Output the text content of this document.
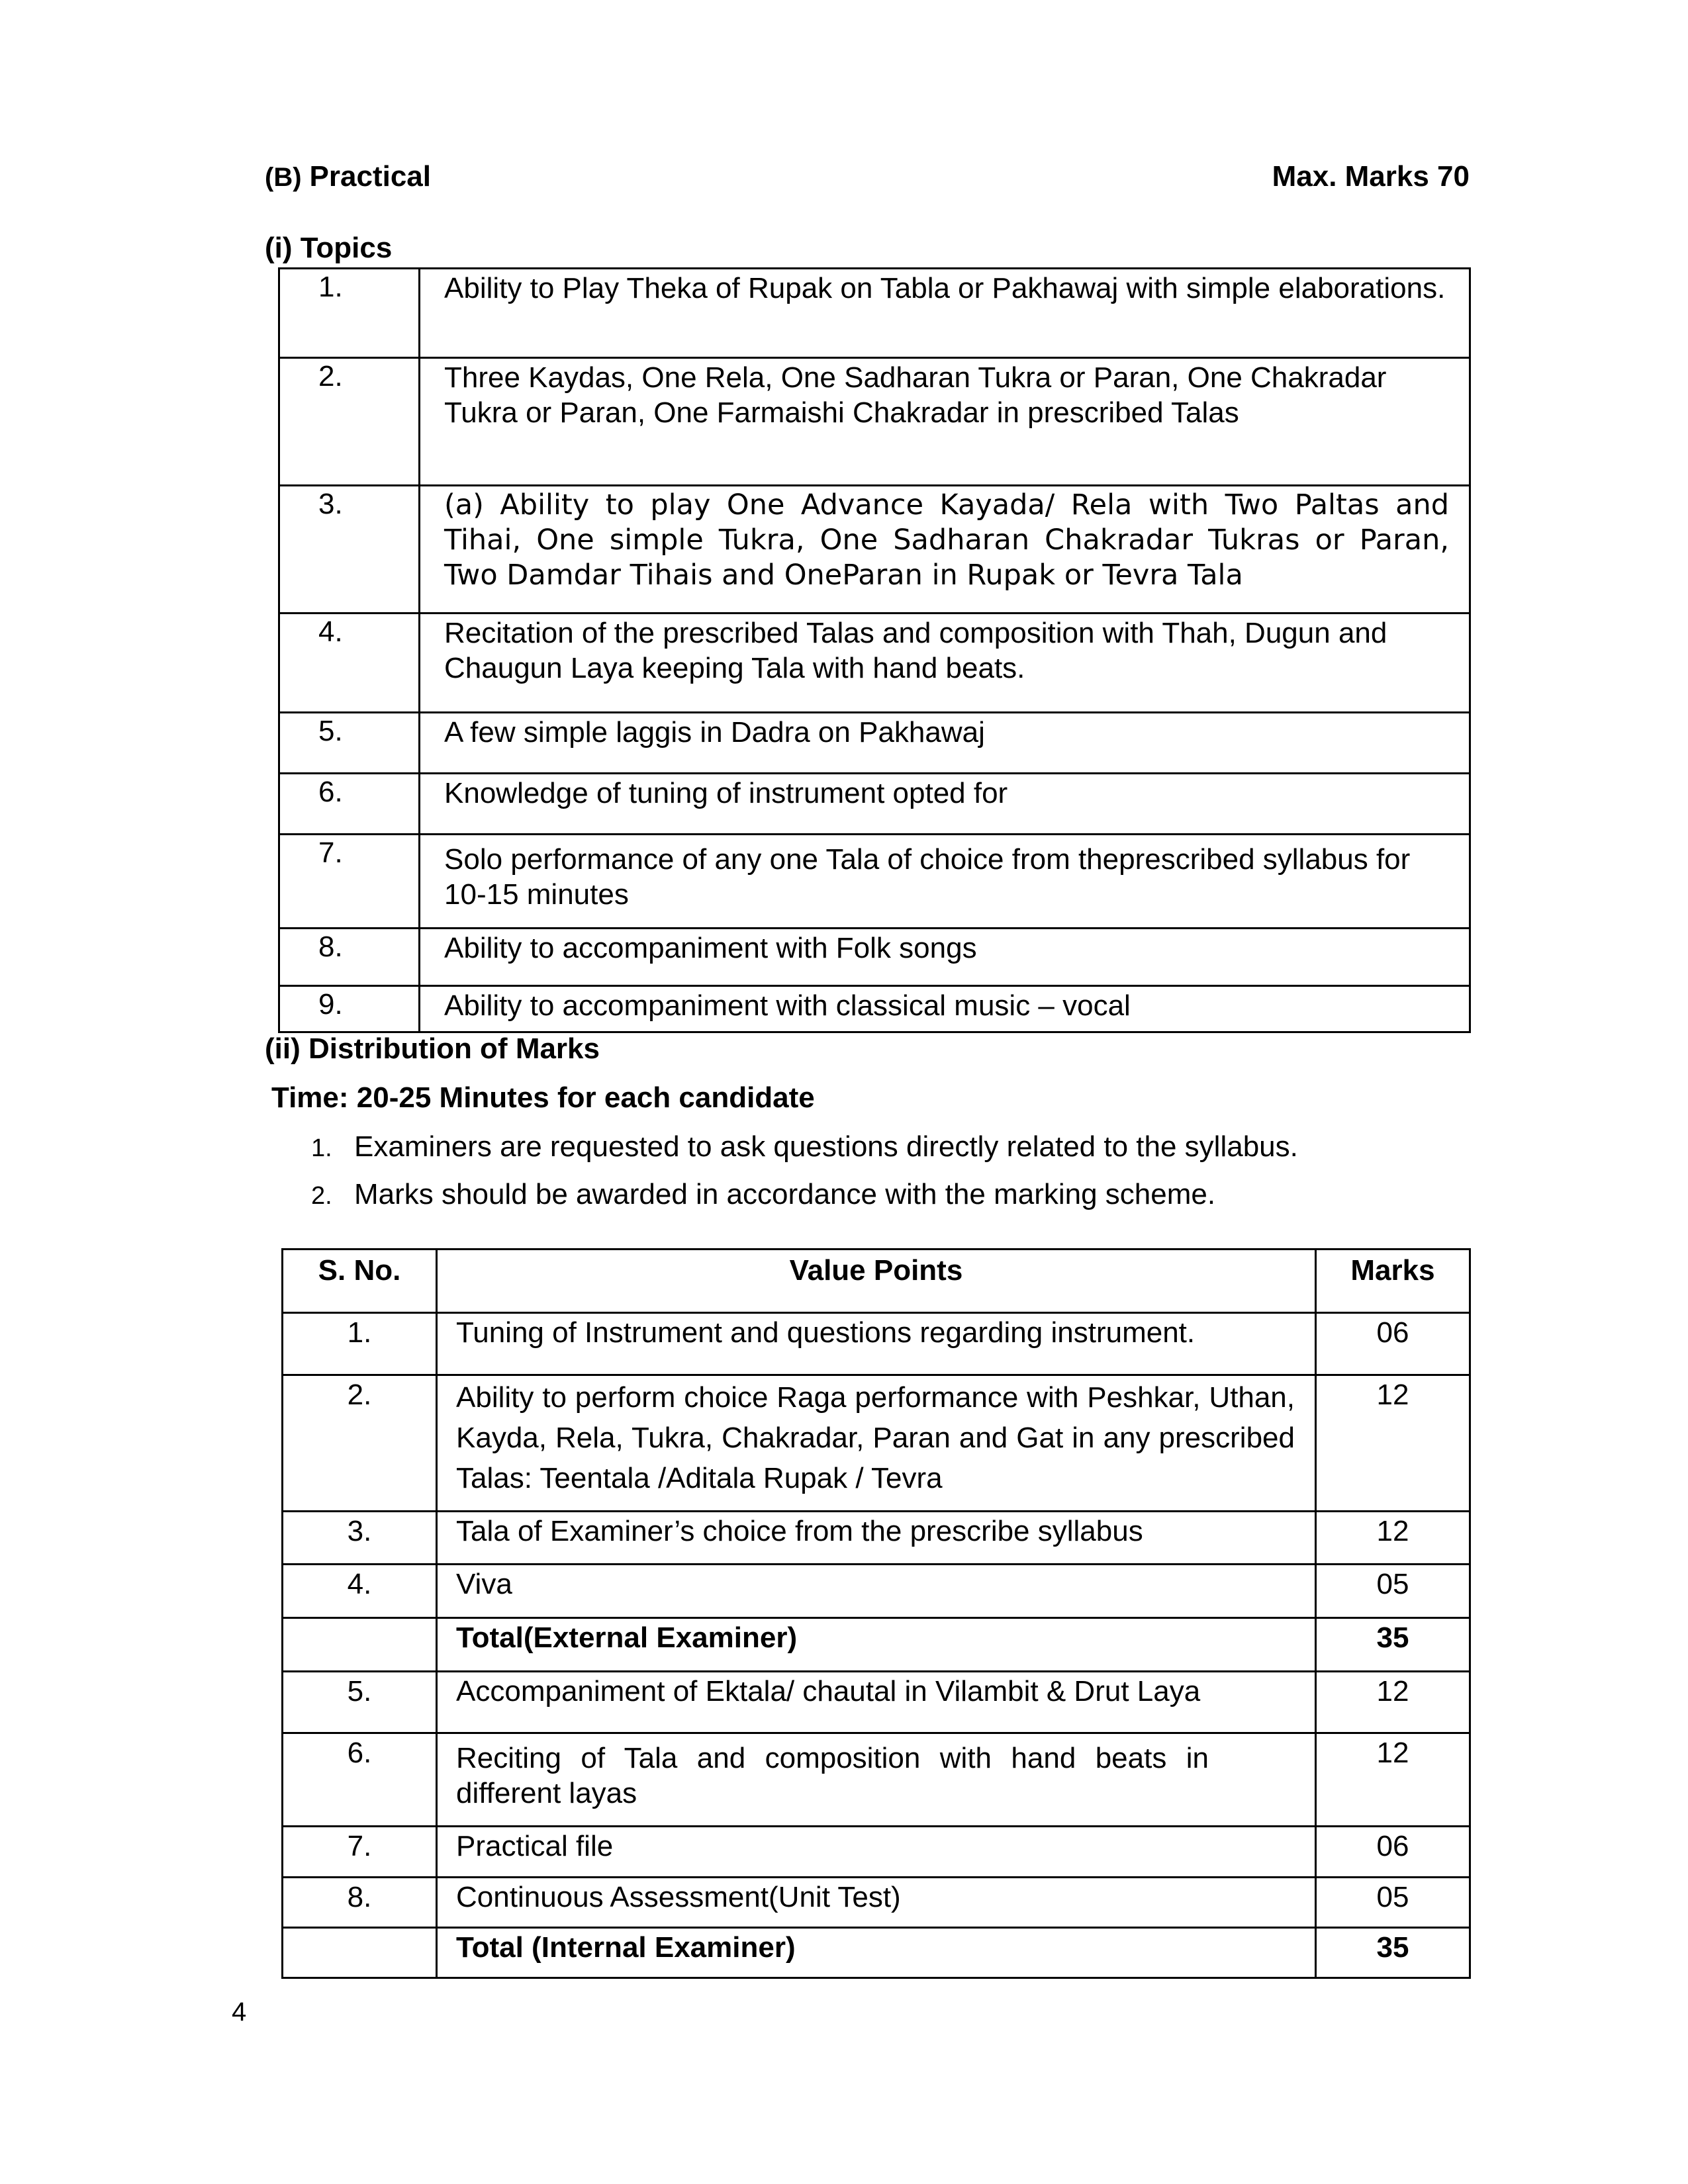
(B) Practical	Max. Marks 70
(i) Topics
1.	Ability to Play Theka of Rupak on Tabla or Pakhawaj with simple elaborations.
2.	Three Kaydas, One Rela, One Sadharan Tukra or Paran, One Chakradar Tukra or Paran, One Farmaishi Chakradar in prescribed Talas
3.	(a) Ability to play One Advance Kayada/ Rela with Two Paltas and Tihai, One simple Tukra, One Sadharan Chakradar Tukras or Paran, Two Damdar Tihais and OneParan in Rupak or Tevra Tala
4.	Recitation of the prescribed Talas and composition with Thah, Dugun and Chaugun Laya keeping Tala with hand beats.
5.	A few simple laggis in Dadra on Pakhawaj
6.	Knowledge of tuning of instrument opted for
7.	Solo performance of any one Tala of choice from theprescribed syllabus for 10-15 minutes
8.	Ability to accompaniment with Folk songs
9.	Ability to accompaniment with classical music – vocal
(ii) Distribution of Marks
Time: 20-25 Minutes for each candidate
1. Examiners are requested to ask questions directly related to the syllabus.
2. Marks should be awarded in accordance with the marking scheme.
S. No.	Value Points	Marks
1.	Tuning of Instrument and questions regarding instrument.	06
2.	Ability to perform choice Raga performance with Peshkar, Uthan, Kayda, Rela, Tukra, Chakradar, Paran and Gat in any prescribed Talas: Teentala /Aditala Rupak / Tevra	12
3.	Tala of Examiner’s choice from the prescribe syllabus	12
4.	Viva	05
	Total(External Examiner)	35
5.	Accompaniment of Ektala/ chautal in Vilambit & Drut Laya	12
6.	Reciting of Tala and composition with hand beats in different layas	12
7.	Practical file	06
8.	Continuous Assessment(Unit Test)	05
	Total (Internal Examiner)	35
4
